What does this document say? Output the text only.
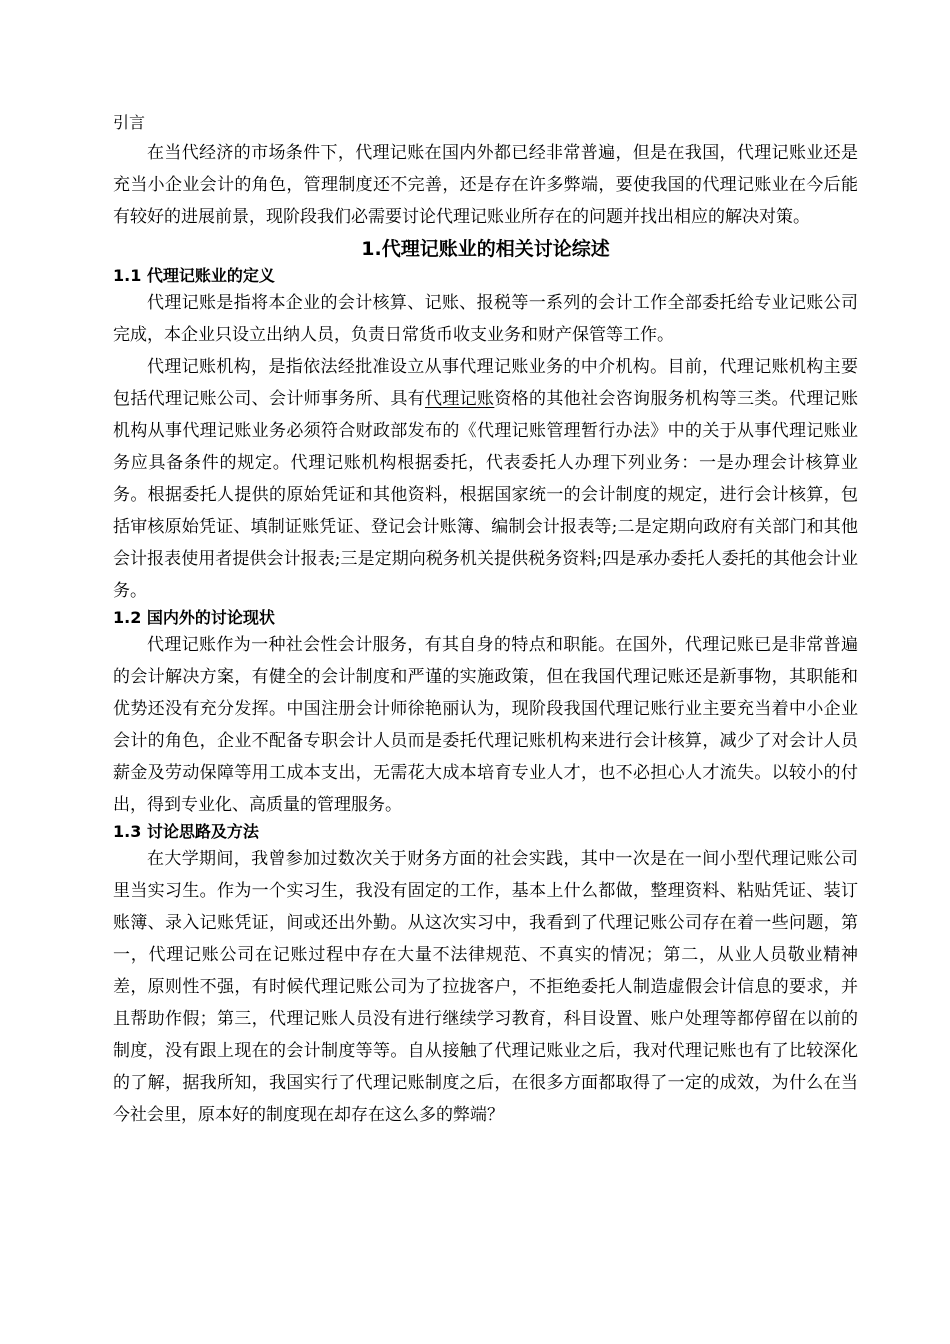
引言

在当代经济的市场条件下，代理记账在国内外都已经非常普遍，但是在我国，代理记账业还是充当小企业会计的角色，管理制度还不完善，还是存在许多弊端，要使我国的代理记账业在今后能有较好的进展前景，现阶段我们必需要讨论代理记账业所存在的问题并找出相应的解决对策。

1.代理记账业的相关讨论综述
1.1 代理记账业的定义

代理记账是指将本企业的会计核算、记账、报税等一系列的会计工作全部委托给专业记账公司完成，本企业只设立出纳人员，负责日常货币收支业务和财产保管等工作。

代理记账机构，是指依法经批准设立从事代理记账业务的中介机构。目前，代理记账机构主要包括代理记账公司、会计师事务所、具有代理记账资格的其他社会咨询服务机构等三类。代理记账机构从事代理记账业务必须符合财政部发布的《代理记账管理暂行办法》中的关于从事代理记账业务应具备条件的规定。代理记账机构根据委托，代表委托人办理下列业务：一是办理会计核算业务。根据委托人提供的原始凭证和其他资料，根据国家统一的会计制度的规定，进行会计核算，包括审核原始凭证、填制证账凭证、登记会计账簿、编制会计报表等;二是定期向政府有关部门和其他会计报表使用者提供会计报表;三是定期向税务机关提供税务资料;四是承办委托人委托的其他会计业务。

1.2 国内外的讨论现状

代理记账作为一种社会性会计服务，有其自身的特点和职能。在国外，代理记账已是非常普遍的会计解决方案，有健全的会计制度和严谨的实施政策，但在我国代理记账还是新事物，其职能和优势还没有充分发挥。中国注册会计师徐艳丽认为，现阶段我国代理记账行业主要充当着中小企业会计的角色，企业不配备专职会计人员而是委托代理记账机构来进行会计核算，减少了对会计人员薪金及劳动保障等用工成本支出，无需花大成本培育专业人才，也不必担心人才流失。以较小的付出，得到专业化、高质量的管理服务。

1.3 讨论思路及方法

在大学期间，我曾参加过数次关于财务方面的社会实践，其中一次是在一间小型代理记账公司里当实习生。作为一个实习生，我没有固定的工作，基本上什么都做，整理资料、粘贴凭证、装订账簿、录入记账凭证，间或还出外勤。从这次实习中，我看到了代理记账公司存在着一些问题，第一，代理记账公司在记账过程中存在大量不法律规范、不真实的情况；第二，从业人员敬业精神差，原则性不强，有时候代理记账公司为了拉拢客户，不拒绝委托人制造虚假会计信息的要求，并且帮助作假；第三，代理记账人员没有进行继续学习教育，科目设置、账户处理等都停留在以前的制度，没有跟上现在的会计制度等等。自从接触了代理记账业之后，我对代理记账也有了比较深化的了解，据我所知，我国实行了代理记账制度之后，在很多方面都取得了一定的成效，为什么在当今社会里，原本好的制度现在却存在这么多的弊端？
